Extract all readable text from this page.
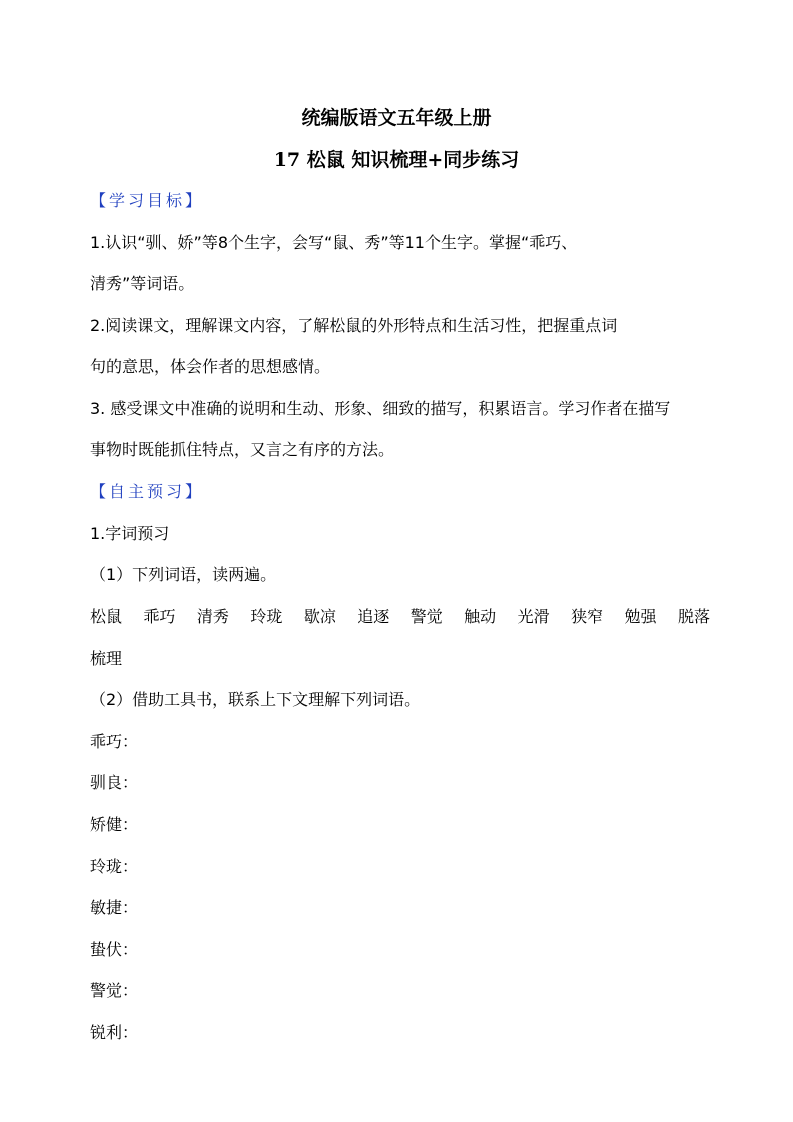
统编版语文五年级上册
17 松鼠 知识梳理+同步练习
【学习目标】
1.认识“驯、娇”等8个生字，会写“鼠、秀”等11个生字。掌握“乖巧、
清秀”等词语。
2.阅读课文，理解课文内容，了解松鼠的外形特点和生活习性，把握重点词
句的意思，体会作者的思想感情。
3. 感受课文中准确的说明和生动、形象、细致的描写，积累语言。学习作者在描写
事物时既能抓住特点，又言之有序的方法。
【自主预习】
1.字词预习
（1）下列词语，读两遍。
松鼠 乖巧 清秀 玲珑 歇凉 追逐 警觉 触动 光滑 狭窄 勉强 脱落
梳理
（2）借助工具书，联系上下文理解下列词语。
乖巧：
驯良：
矫健：
玲珑：
敏捷：
蛰伏：
警觉：
锐利：
